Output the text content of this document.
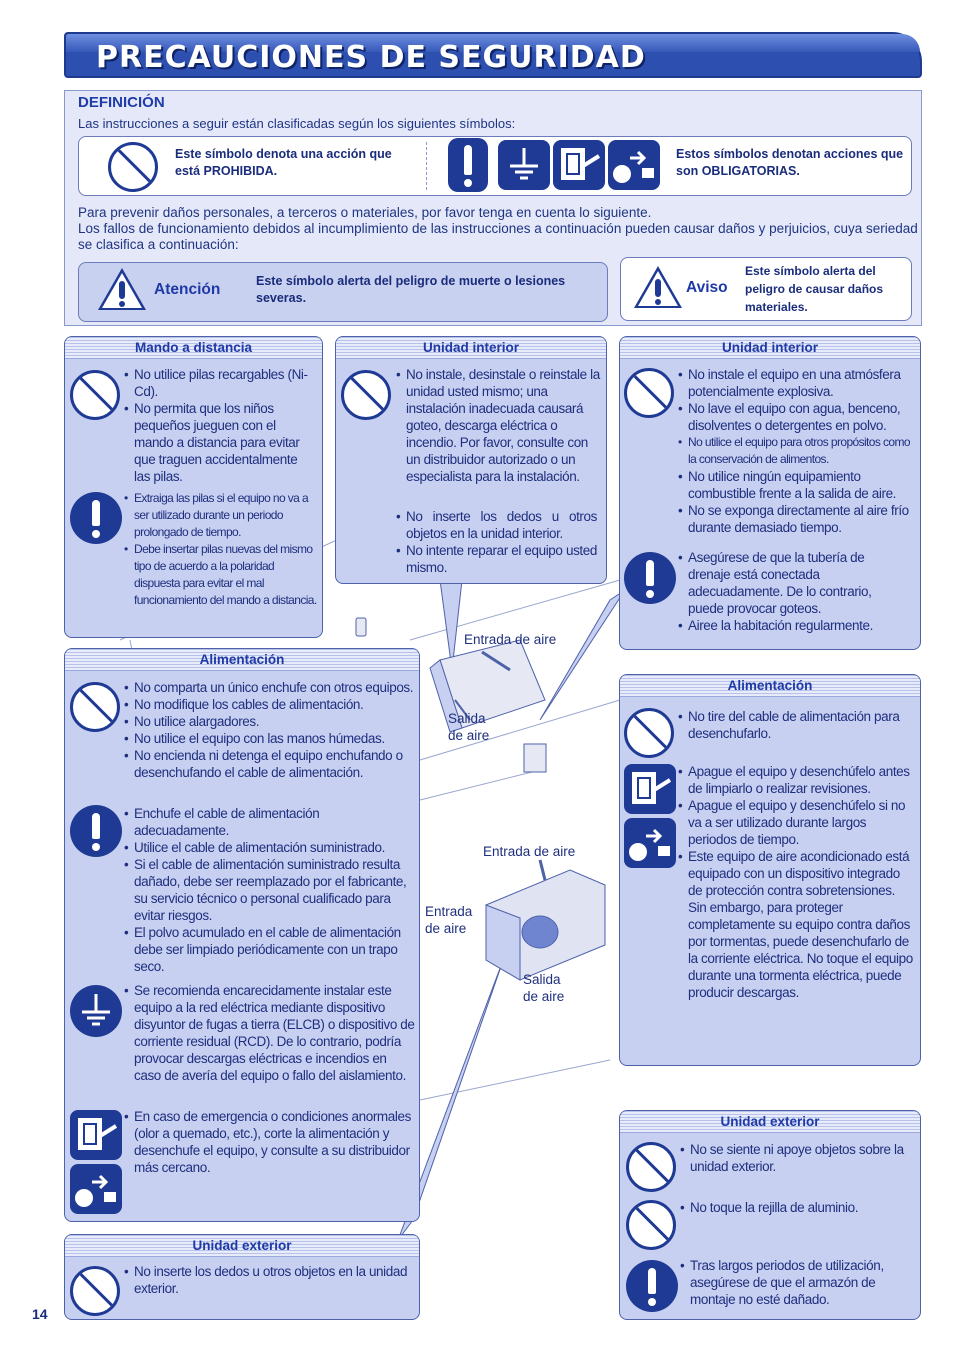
PRECAUCIONES DE SEGURIDAD
DEFINICIÓN
Las instrucciones a seguir están clasificadas según los siguientes símbolos:
Este símbolo denota una acción que está PROHIBIDA.
Estos símbolos denotan acciones que son OBLIGATORIAS.
Para prevenir daños personales, a terceros o materiales, por favor tenga en cuenta lo siguiente.
Los fallos de funcionamiento debidos al incumplimiento de las instrucciones a continuación pueden causar daños y perjuicios, cuya seriedad se clasifica a continuación:
Atención	Este símbolo alerta del peligro de muerte o lesiones severas.
Aviso
Este símbolo alerta del peligro de causar daños materiales.
Entrada de aire
Salida de aire
Entrada de aire
Entrada de aire
Salida de aire
Mando a distancia
• No utilice pilas recargables (Ni-Cd).
• No permita que los niños pequeños jueguen con el mando a distancia para evitar que traguen accidentalmente las pilas.
• Extraiga las pilas si el equipo no va a ser utilizado durante un periodo prolongado de tiempo.
• Debe insertar pilas nuevas del mismo tipo de acuerdo a la polaridad dispuesta para evitar el mal funcionamiento del mando a distancia.
Unidad interior
• No instale, desinstale o reinstale la unidad usted mismo; una instalación inadecuada causará goteo, descarga eléctrica o incendio. Por favor, consulte con un distribuidor autorizado o un especialista para la instalación.
• No inserte los dedos u otros objetos en la unidad interior.
• No intente reparar el equipo usted mismo.
Unidad interior
• No instale el equipo en una atmósfera potencialmente explosiva.
• No lave el equipo con agua, benceno, disolventes o detergentes en polvo.
• No utilice el equipo para otros propósitos como la conservación de alimentos.
• No utilice ningún equipamiento combustible frente a la salida de aire.
• No se exponga directamente al aire frío durante demasiado tiempo.
• Asegúrese de que la tubería de drenaje está conectada adecuadamente. De lo contrario, puede provocar goteos.
• Airee la habitación regularmente.
Alimentación
• No comparta un único enchufe con otros equipos.
• No modifique los cables de alimentación.
• No utilice alargadores.
• No utilice el equipo con las manos húmedas.
• No encienda ni detenga el equipo enchufando o desenchufando el cable de alimentación.
• Enchufe el cable de alimentación adecuadamente.
• Utilice el cable de alimentación suministrado.
• Si el cable de alimentación suministrado resulta dañado, debe ser reemplazado por el fabricante, su servicio técnico o personal cualificado para evitar riesgos.
• El polvo acumulado en el cable de alimentación debe ser limpiado periódicamente con un trapo seco.
• Se recomienda encarecidamente instalar este equipo a la red eléctrica mediante dispositivo disyuntor de fugas a tierra (ELCB) o dispositivo de corriente residual (RCD). De lo contrario, podría provocar descargas eléctricas e incendios en caso de avería del equipo o fallo del aislamiento.
• En caso de emergencia o condiciones anormales (olor a quemado, etc.), corte la alimentación y desenchufe el equipo, y consulte a su distribuidor más cercano.
Unidad exterior
• No inserte los dedos u otros objetos en la unidad exterior.
Alimentación
• No tire del cable de alimentación para desenchufarlo.
• Apague el equipo y desenchúfelo antes de limpiarlo o realizar revisiones.
• Apague el equipo y desenchúfelo si no va a ser utilizado durante largos periodos de tiempo.
• Este equipo de aire acondicionado está equipado con un dispositivo integrado de protección contra sobretensiones. Sin embargo, para proteger completamente su equipo contra daños por tormentas, puede desenchufarlo de la corriente eléctrica. No toque el equipo durante una tormenta eléctrica, puede producir descargas.
Unidad exterior
• No se siente ni apoye objetos sobre la unidad exterior.
• No toque la rejilla de aluminio.
• Tras largos periodos de utilización, asegúrese de que el armazón de montaje no esté dañado.
14
